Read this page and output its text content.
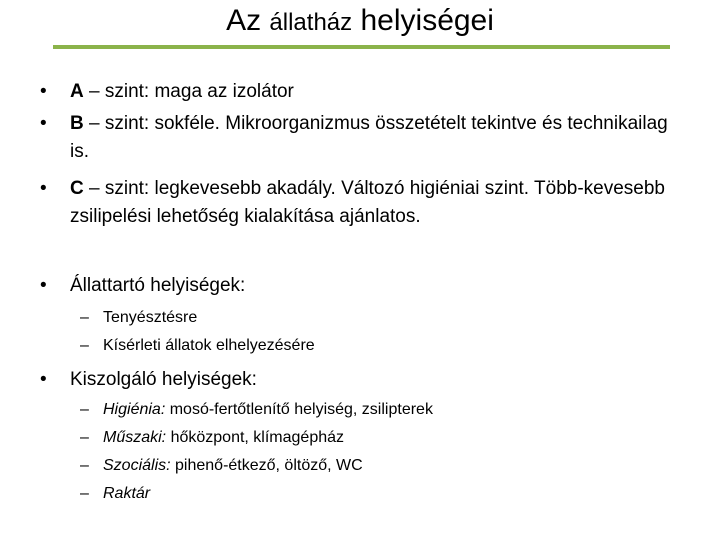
Az állatház helyiségei
• A – szint: maga az izolátor
• B – szint: sokféle. Mikroorganizmus összetételt tekintve és technikailag is.
• C – szint: legkevesebb akadály. Változó higiéniai szint. Több-kevesebb zsilipelési lehetőség kialakítása ajánlatos.
• Állattartó helyiségek:
– Tenyésztésre
– Kísérleti állatok elhelyezésére
• Kiszolgáló helyiségek:
– Higiénia: mosó-fertőtlenítő helyiség, zsilipterek
– Műszaki: hőközpont, klímagépház
– Szociális: pihenő-étkező, öltöző, WC
– Raktár
